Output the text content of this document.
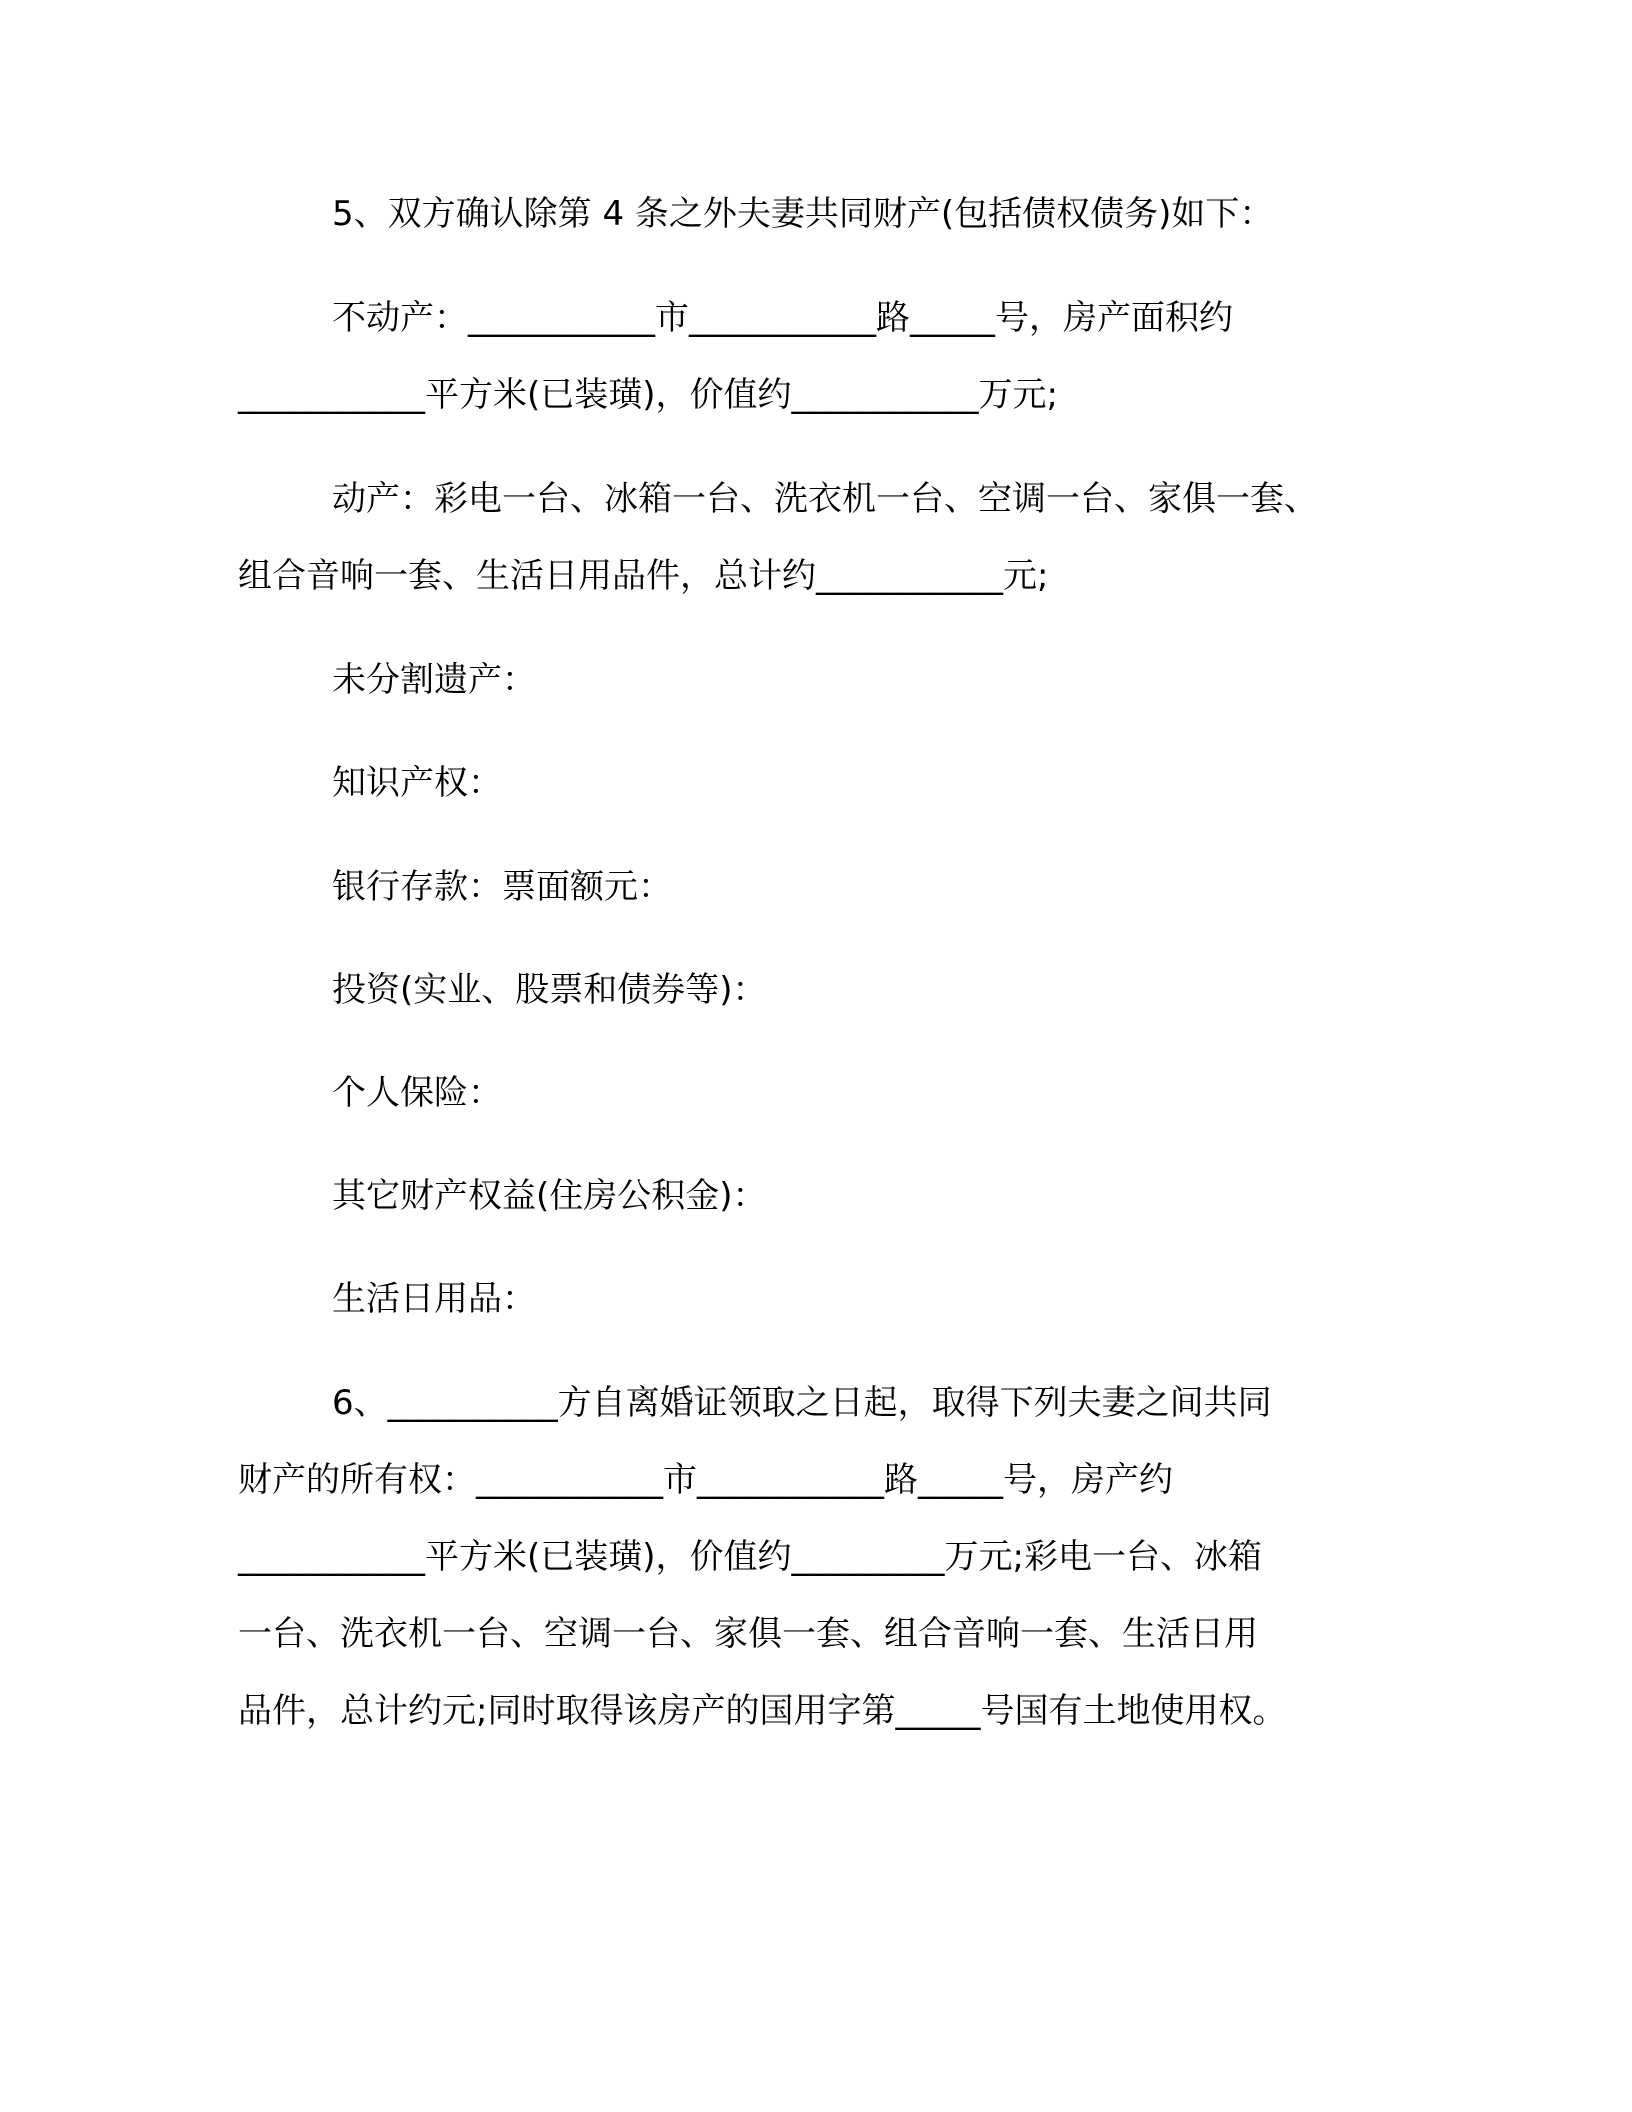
5、双方确认除第 4 条之外夫妻共同财产(包括债权债务)如下：
不动产：___________市___________路_____号，房产面积约
___________平方米(已装璜)，价值约___________万元;
动产：彩电一台、冰箱一台、洗衣机一台、空调一台、家俱一套、
组合音响一套、生活日用品件，总计约___________元;
未分割遗产：
知识产权：
银行存款：票面额元：
投资(实业、股票和债券等)：
个人保险：
其它财产权益(住房公积金)：
生活日用品：
6、__________方自离婚证领取之日起，取得下列夫妻之间共同
财产的所有权：___________市___________路_____号，房产约
___________平方米(已装璜)，价值约_________万元;彩电一台、冰箱
一台、洗衣机一台、空调一台、家俱一套、组合音响一套、生活日用
品件，总计约元;同时取得该房产的国用字第_____号国有土地使用权。
